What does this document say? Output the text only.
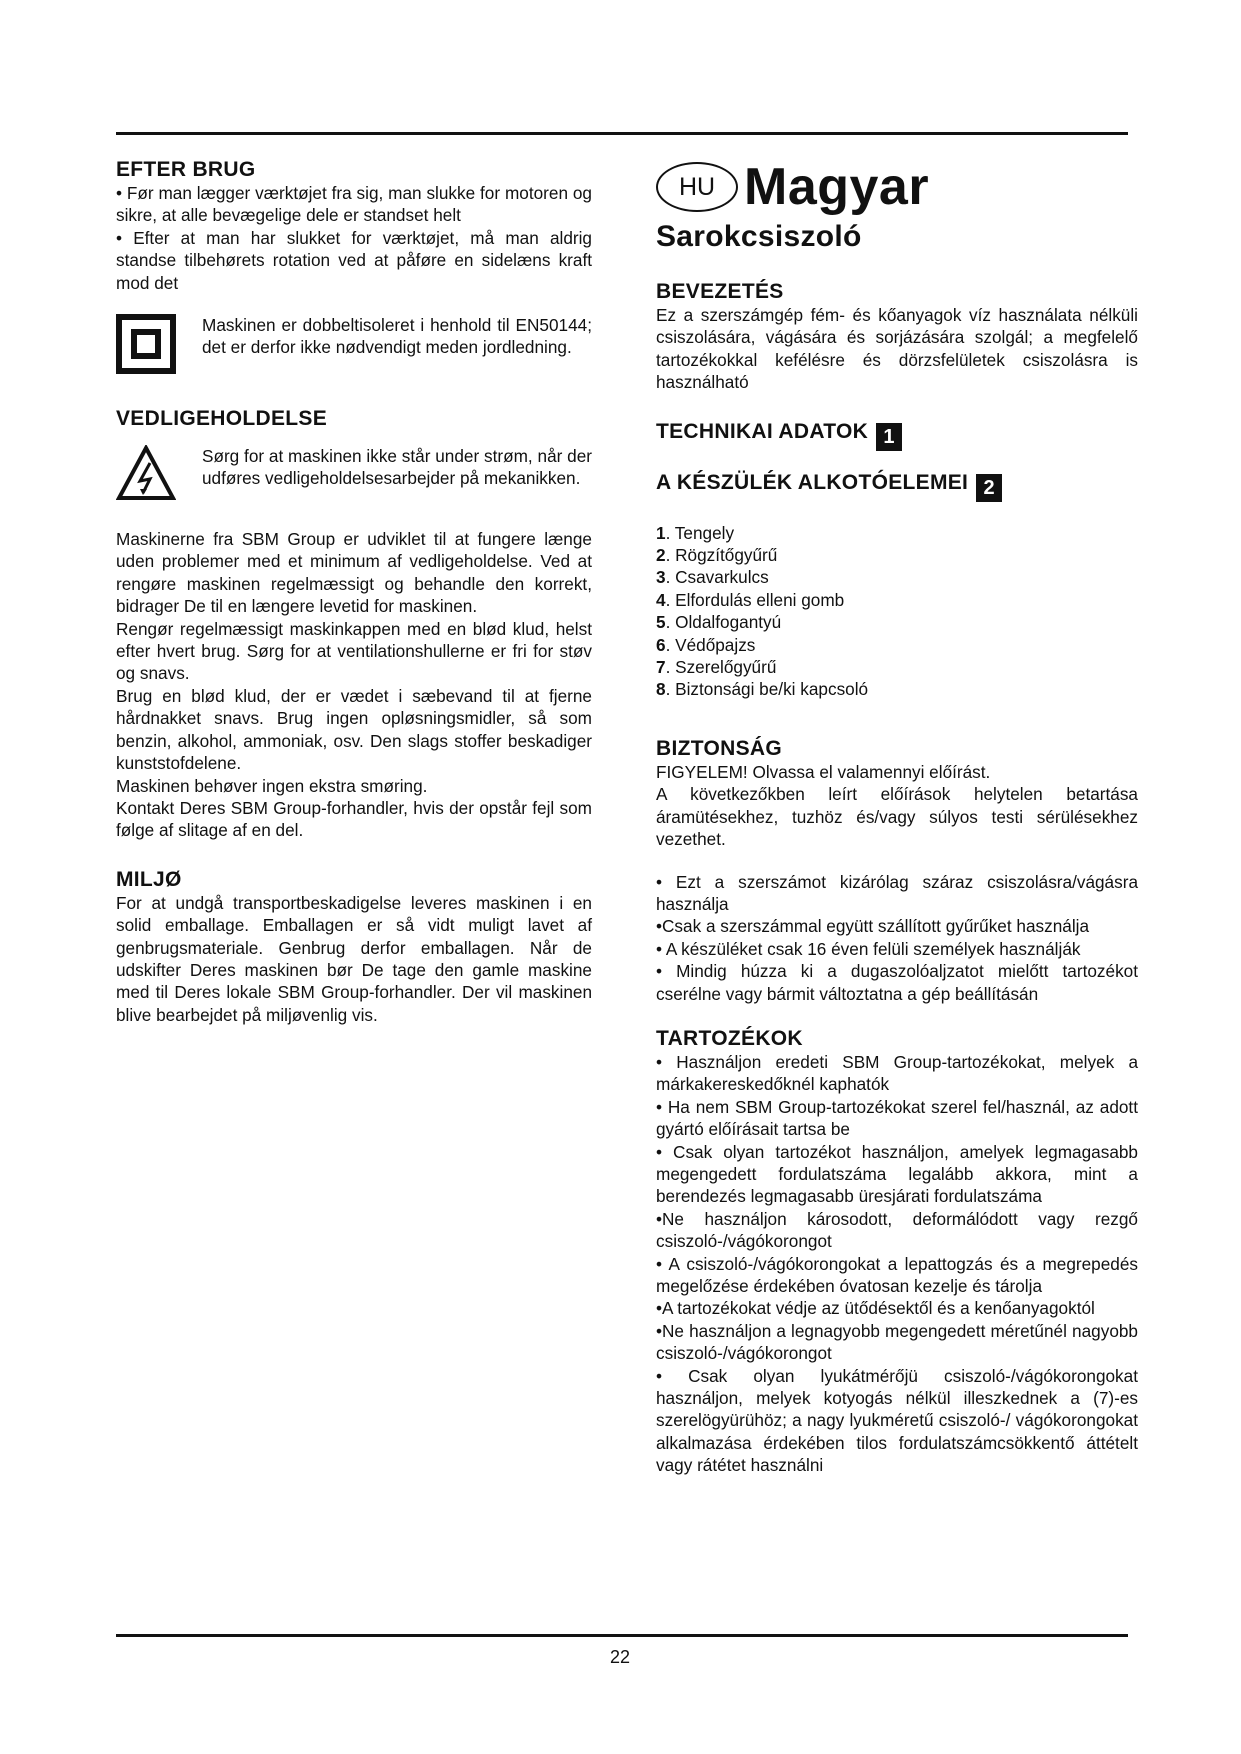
EFTER BRUG

• Før man lægger værktøjet fra sig, man slukke for motoren og sikre, at alle bevægelige dele er standset helt
• Efter at man har slukket for værktøjet, må man aldrig standse tilbehørets rotation ved at påføre en sidelæns kraft mod det

Maskinen er dobbeltisoleret i henhold til EN50144; det er derfor ikke nødvendigt meden jordledning.

VEDLIGEHOLDELSE

Sørg for at maskinen ikke står under strøm, når der udføres vedligeholdelsesarbejder på mekanikken.

Maskinerne fra SBM Group er udviklet til at fungere længe uden problemer med et minimum af vedligeholdelse. Ved at rengøre maskinen regelmæssigt og behandle den korrekt, bidrager De til en længere levetid for maskinen.
Rengør regelmæssigt maskinkappen med en blød klud, helst efter hvert brug. Sørg for at ventilationshullerne er fri for støv og snavs.
Brug en blød klud, der er vædet i sæbevand til at fjerne hårdnakket snavs. Brug ingen opløsningsmidler, så som benzin, alkohol, ammoniak, osv. Den slags stoffer beskadiger kunststofdelene.
Maskinen behøver ingen ekstra smøring.
Kontakt Deres SBM Group-forhandler, hvis der opstår fejl som følge af slitage af en del.

MILJØ

For at undgå transportbeskadigelse leveres maskinen i en solid emballage. Emballagen er så vidt muligt lavet af genbrugsmateriale. Genbrug derfor emballagen. Når de udskifter Deres maskinen bør De tage den gamle maskine med til Deres lokale SBM Group-forhandler. Der vil maskinen blive bearbejdet på miljøvenlig vis.

HU Magyar
Sarokcsiszoló
BEVEZETÉS

Ez a szerszámgép fém- és kőanyagok víz használata nélküli csiszolására, vágására és sorjázására szolgál; a megfelelő tartozékokkal kefélésre és dörzsfelületek csiszolásra is használható

TECHNIKAI ADATOK 1
A KÉSZÜLÉK ALKOTÓELEMEI 2
1. Tengely
2. Rögzítőgyűrű
3. Csavarkulcs
4. Elfordulás elleni gomb
5. Oldalfogantyú
6. Védőpajzs
7. Szerelőgyűrű
8. Biztonsági be/ki kapcsoló
BIZTONSÁG

FIGYELEM! Olvassa el valamennyi előírást.
A következőkben leírt előírások helytelen betartása áramütésekhez, tuzhöz és/vagy súlyos testi sérülésekhez vezethet.

• Ezt a szerszámot kizárólag száraz csiszolásra/vágásra használja
•Csak a szerszámmal együtt szállított gyűrűket használja
• A készüléket csak 16 éven felüli személyek használják
• Mindig húzza ki a dugaszolóaljzatot mielőtt tartozékot cserélne vagy bármit változtatna a gép beállításán

TARTOZÉKOK

• Használjon eredeti SBM Group-tartozékokat, melyek a márkakereskedőknél kaphatók
• Ha nem SBM Group-tartozékokat szerel fel/használ, az adott gyártó előírásait tartsa be
• Csak olyan tartozékot használjon, amelyek legmagasabb megengedett fordulatszáma legalább akkora, mint a berendezés legmagasabb üresjárati fordulatszáma
•Ne használjon károsodott, deformálódott vagy rezgő csiszoló-/vágókorongot
• A csiszoló-/vágókorongokat a lepattogzás és a megrepedés megelőzése érdekében óvatosan kezelje és tárolja
•A tartozékokat védje az ütődésektől és a kenőanyagoktól
•Ne használjon a legnagyobb megengedett méretűnél nagyobb csiszoló-/vágókorongot
• Csak olyan lyukátmérőjü csiszoló-/vágókorongokat használjon, melyek kotyogás nélkül illeszkednek a (7)-es szerelögyürühöz; a nagy lyukméretű csiszoló-/ vágókorongokat alkalmazása érdekében tilos fordulatszámcsökkentő áttételt vagy rátétet használni

22
